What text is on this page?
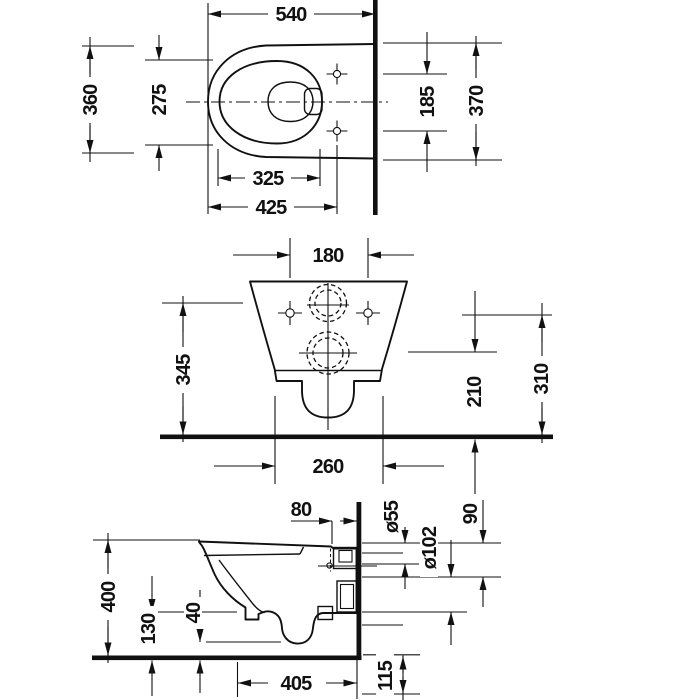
540
360 275	185 370
325
425
180
345
210 310
260
80	ø55
ø102
90
400
130
40
405	115
